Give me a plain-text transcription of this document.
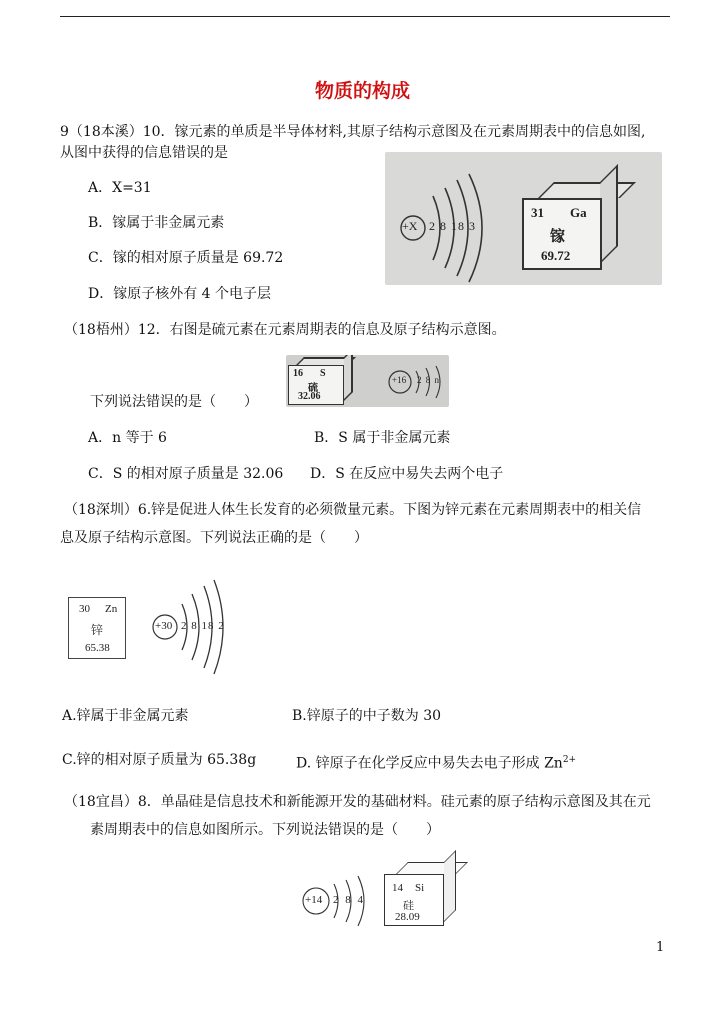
物质的构成
9（18本溪）10．镓元素的单质是半导体材料,其原子结构示意图及在元素周期表中的信息如图,
从图中获得的信息错误的是
A．X=31
B．镓属于非金属元素
C．镓的相对原子质量是 69.72
D．镓原子核外有 4 个电子层
+X 2 8 18 3
31 Ga
镓
69.72
（18梧州）12．右图是硫元素在元素周期表的信息及原子结构示意图。
16 S
硫
32.06
+16 2 8 n
下列说法错误的是（　　）
A．n 等于 6	B．S 属于非金属元素
C．S 的相对原子质量是 32.06 D．S 在反应中易失去两个电子
（18深圳）6.锌是促进人体生长发育的必须微量元素。下图为锌元素在元素周期表中的相关信
息及原子结构示意图。下列说法正确的是（　　）
30 Zn
锌
65.38
+30 2 8 18 2
A.锌属于非金属元素	B.锌原子的中子数为 30
C.锌的相对原子质量为 65.38g	D. 锌原子在化学反应中易失去电子形成 $Zn^{2+}$
（18宜昌）8．单晶硅是信息技术和新能源开发的基础材料。硅元素的原子结构示意图及其在元
素周期表中的信息如图所示。下列说法错误的是（　　）
+14 2 8 4
14 Si
硅
28.09
1
